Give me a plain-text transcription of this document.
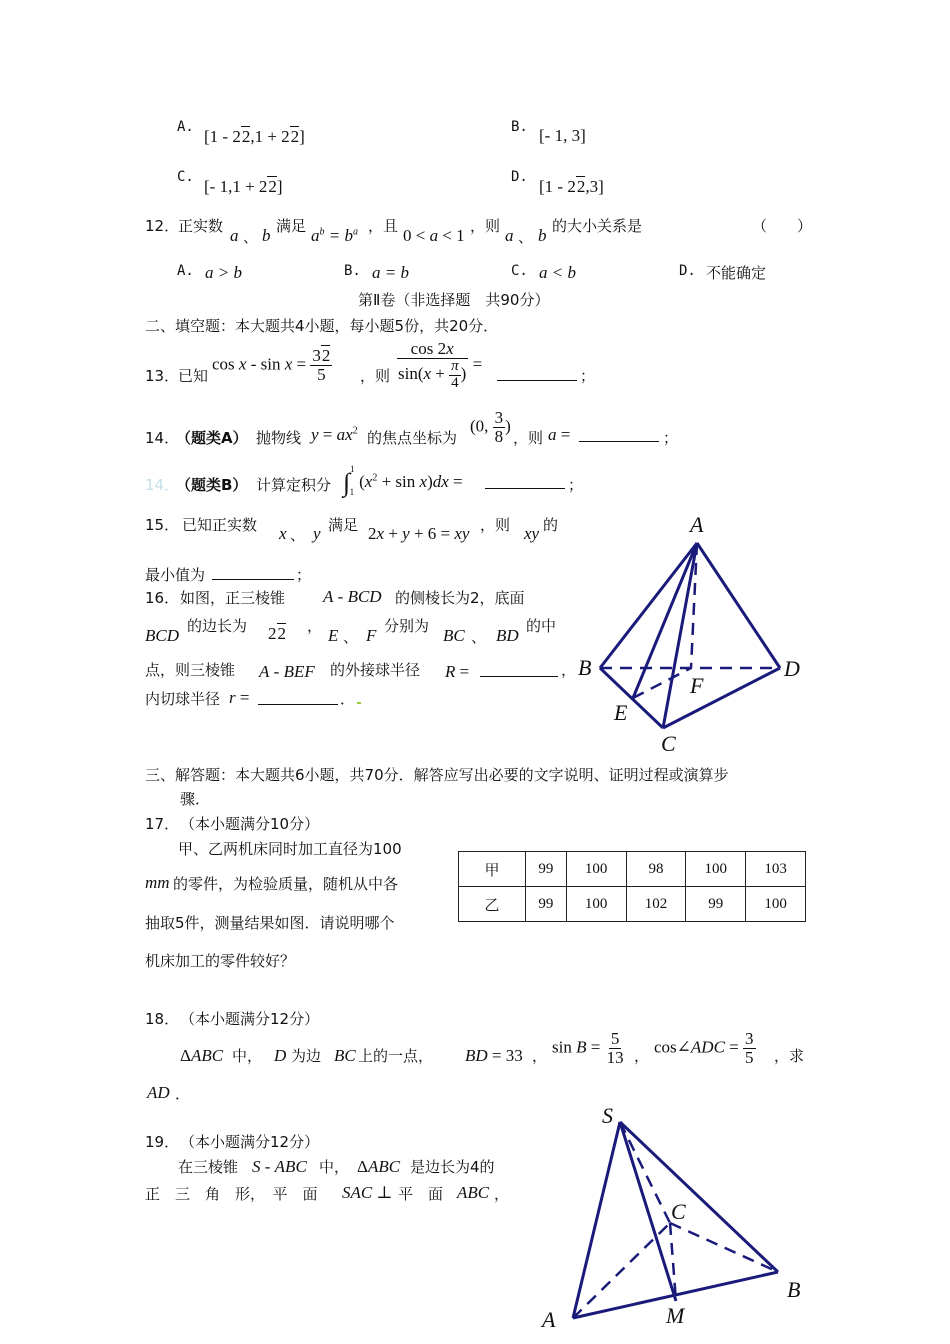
A. [1 - 22,1 + 22]	B. [- 1, 3]
C. [- 1,1 + 22]	D. [1 - 22,3]
12．
正实数 a 、 b 满足 $a^b = b^a$ ，且 0 < a < 1 ，则 a 、 b 的大小关系是	（　　）
A. a > b	B. a = b	C. a < b	D. 不能确定
第Ⅱ卷（非选择题　共90分）
二、填空题：本大题共4小题，每小题5份，共20分．
13．
已知
$\cos x - \sin x = \frac{32}{5}$ ，则 $\frac{\cos 2x}{\sin(x + \frac{\pi}{4} )}$ =
；
14．
（题类A） 抛物线 $y = ax^2$ 的焦点坐标为
(0, $\frac{3}{8}$ )
，则 a =	；
14．
（题类B） 计算定积分 $\int^1_1(x^2 + \sin x)dx$ =	；
15． 已知正实数 x 、 y 满足 2x + y + 6 = xy ，则 xy 的
最小值为	；
16． 如图，正三棱锥 A - BCD 的侧棱长为2，底面
BCD 的边长为 22 ， E 、 F 分别为 BC 、 BD 的中
点，则三棱锥 A - BEF 的外接球半径 R =	，
内切球半径 r =	．
A
B	D
F
E
C
三、解答题：本大题共6小题，共70分．解答应写出必要的文字说明、证明过程或演算步
骤．
17． （本小题满分10分）
甲、乙两机床同时加工直径为100
mm 的零件，为检验质量，随机从中各
抽取5件，测量结果如图．请说明哪个
机床加工的零件较好？
甲	99	100	98	100	103
乙	99	100	102	99	100
18． （本小题满分12分）
ΔABC 中， D 为边 BC 上的一点， BD = 33 ， $\sin B = \frac{5}{13}$ ， cos∠ADC = $\frac{3}{5}$ ，求
AD ．
19． （本小题满分12分）
在三棱锥 S - ABC 中， ΔABC 是边长为4的
正　三　角　形，　平　面 SAC ⊥ 平　面 ABC ，
S
C
B
A	M
